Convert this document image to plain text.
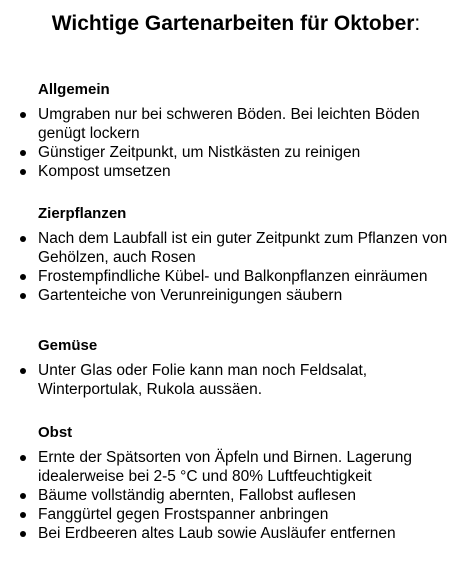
Wichtige Gartenarbeiten für Oktober:
Allgemein
Umgraben nur bei schweren Böden. Bei leichten Böden genügt lockern
Günstiger Zeitpunkt, um Nistkästen zu reinigen
Kompost umsetzen
Zierpflanzen
Nach dem Laubfall ist ein guter Zeitpunkt zum Pflanzen von Gehölzen, auch Rosen
Frostempfindliche Kübel- und Balkonpflanzen einräumen
Gartenteiche von Verunreinigungen säubern
Gemüse
Unter Glas oder Folie kann man noch Feldsalat, Winterportulak, Rukola aussäen.
Obst
Ernte der Spätsorten von Äpfeln und Birnen. Lagerung idealerweise bei 2-5 °C und 80% Luftfeuchtigkeit
Bäume vollständig abernten, Fallobst auflesen
Fanggürtel gegen Frostspanner anbringen
Bei Erdbeeren altes Laub sowie Ausläufer entfernen
